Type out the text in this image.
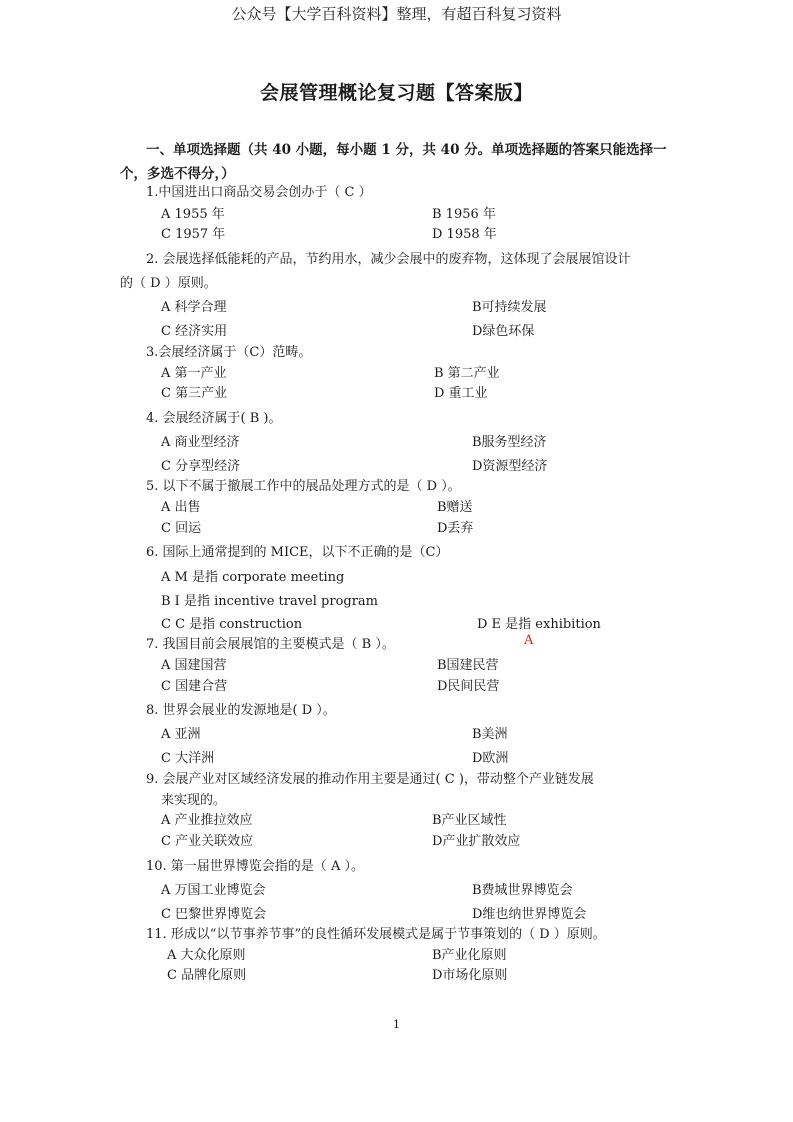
公众号【大学百科资料】整理，有超百科复习资料
会展管理概论复习题【答案版】
一、单项选择题（共 40 小题，每小题 1 分，共 40 分。单项选择题的答案只能选择一
个，多选不得分，）
1.中国进出口商品交易会创办于（ C ）
A 1955 年	B 1956 年
C 1957 年	D 1958 年
2. 会展选择低能耗的产品，节约用水，减少会展中的废弃物，这体现了会展展馆设计
的（ D ）原则。
A 科学合理	B可持续发展
C 经济实用	D绿色环保
3.会展经济属于（C）范畴。
A 第一产业	B 第二产业
C 第三产业	D 重工业
4. 会展经济属于( B )。
A 商业型经济	B服务型经济
C 分享型经济	D资源型经济
5. 以下不属于撤展工作中的展品处理方式的是（ D ）。
A 出售	B赠送
C 回运	D丢弃
6. 国际上通常提到的 MICE，以下不正确的是（C）
A M 是指 corporate meeting
B I 是指 incentive travel program
C C 是指 construction	D E 是指 exhibition
7. 我国目前会展展馆的主要模式是（ B ）。	A
A 国建国营	B国建民营
C 国建合营	D民间民营
8. 世界会展业的发源地是( D ）。
A 亚洲	B美洲
C 大洋洲	D欧洲
9. 会展产业对区域经济发展的推动作用主要是通过( C )，带动整个产业链发展
来实现的。
A 产业推拉效应	B产业区域性
C 产业关联效应	D产业扩散效应
10. 第一届世界博览会指的是（ A ）。
A 万国工业博览会	B费城世界博览会
C 巴黎世界博览会	D维也纳世界博览会
11. 形成以“以节事养节事”的良性循环发展模式是属于节事策划的（ D ）原则。
A 大众化原则	B产业化原则
C 品牌化原则	D市场化原则
1
